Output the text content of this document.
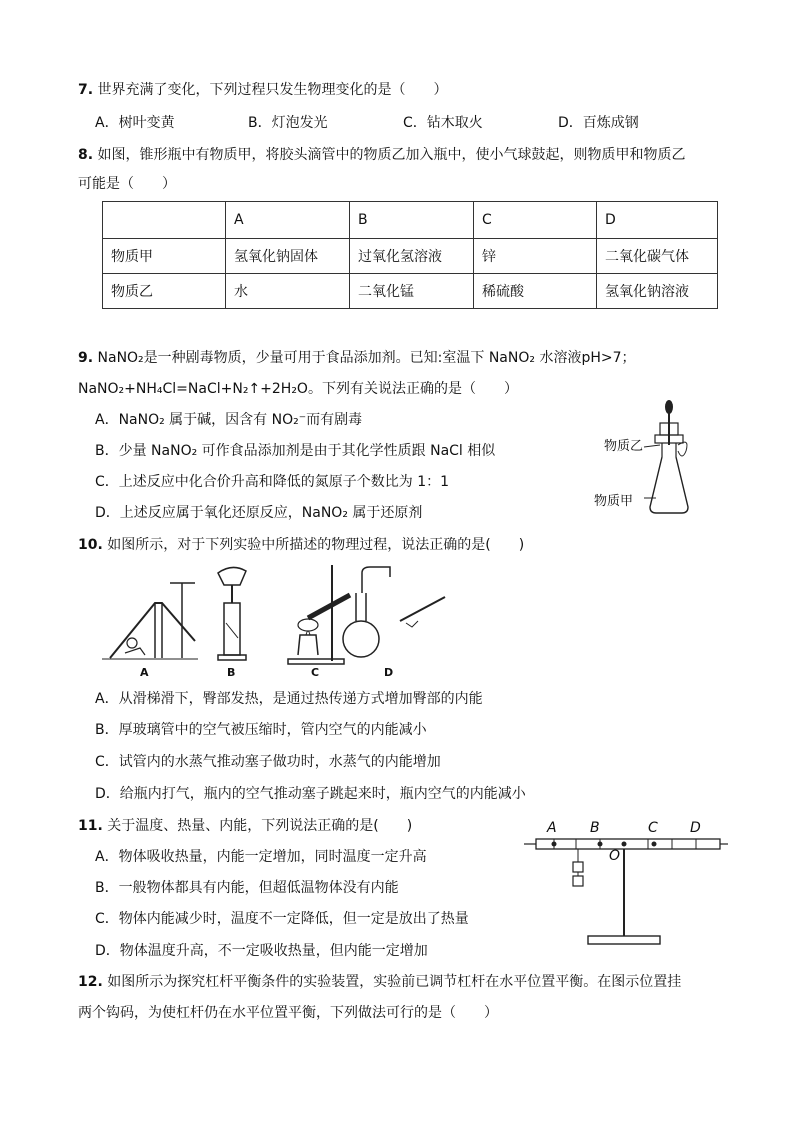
7. 世界充满了变化，下列过程只发生物理变化的是（　　）
A．树叶变黄	B．灯泡发光	C．钻木取火	D．百炼成钢
8. 如图，锥形瓶中有物质甲，将胶头滴管中的物质乙加入瓶中，使小气球鼓起，则物质甲和物质乙
可能是（　　）
	A	B	C	D
物质甲	氢氧化钠固体	过氧化氢溶液	锌	二氧化碳气体
物质乙	水	二氧化锰	稀硫酸	氢氧化钠溶液
9. NaNO₂是一种剧毒物质，少量可用于食品添加剂。已知:室温下 NaNO₂ 水溶液pH>7；
NaNO₂+NH₄Cl=NaCl+N₂↑+2H₂O。下列有关说法正确的是（　　）
A．NaNO₂ 属于碱，因含有 NO₂⁻而有剧毒
B．少量 NaNO₂ 可作食品添加剂是由于其化学性质跟 NaCl 相似
C．上述反应中化合价升高和降低的氮原子个数比为 1：1
D．上述反应属于氧化还原反应，NaNO₂ 属于还原剂
物质乙
物质甲
10. 如图所示，对于下列实验中所描述的物理过程，说法正确的是(　　)
A	B	C	D
A．从滑梯滑下，臀部发热，是通过热传递方式增加臀部的内能
B．厚玻璃管中的空气被压缩时，管内空气的内能减小
C．试管内的水蒸气推动塞子做功时，水蒸气的内能增加
D．给瓶内打气，瓶内的空气推动塞子跳起来时，瓶内空气的内能减小
11. 关于温度、热量、内能，下列说法正确的是(　　)
A．物体吸收热量，内能一定增加，同时温度一定升高
B．一般物体都具有内能，但超低温物体没有内能
C．物体内能减少时，温度不一定降低，但一定是放出了热量
D．物体温度升高，不一定吸收热量，但内能一定增加
A B
O
C D
12. 如图所示为探究杠杆平衡条件的实验装置，实验前已调节杠杆在水平位置平衡。在图示位置挂
两个钩码，为使杠杆仍在水平位置平衡，下列做法可行的是（　　）
